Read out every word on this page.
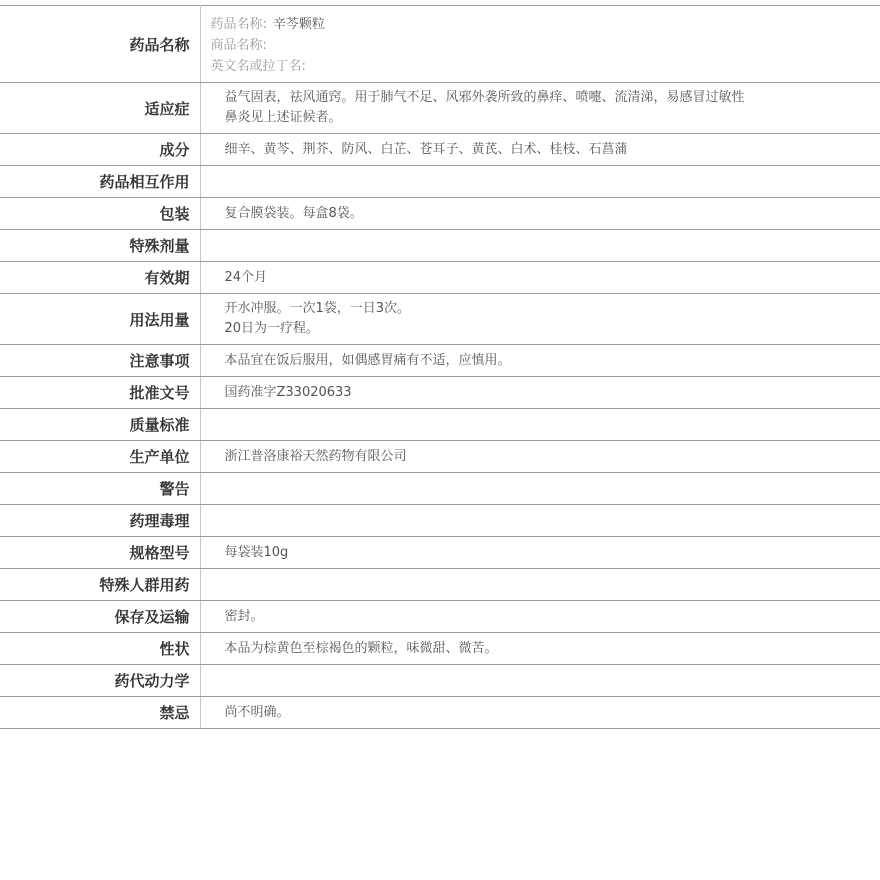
药品名称	药品名称: 辛芩颗粒
商品名称:
英文名或拉丁名:

适应症	益气固表，祛风通窍。用于肺气不足、风邪外袭所致的鼻痒、喷嚏、流清涕，易感冒过敏性
鼻炎见上述证候者。

成分	细辛、黄芩、荆芥、防风、白芷、苍耳子、黄芪、白术、桂枝、石菖蒲

药品相互作用	

包装	复合膜袋装。每盒8袋。

特殊剂量	

有效期	24个月

用法用量	开水冲服。一次1袋，一日3次。
20日为一疗程。

注意事项	本品宜在饭后服用，如偶感胃痛有不适，应慎用。

批准文号	国药准字Z33020633

质量标准	

生产单位	浙江普洛康裕天然药物有限公司

警告	

药理毒理	

规格型号	每袋装10g

特殊人群用药	

保存及运输	密封。

性状	本品为棕黄色至棕褐色的颗粒，味微甜、微苦。

药代动力学	

禁忌	尚不明确。
